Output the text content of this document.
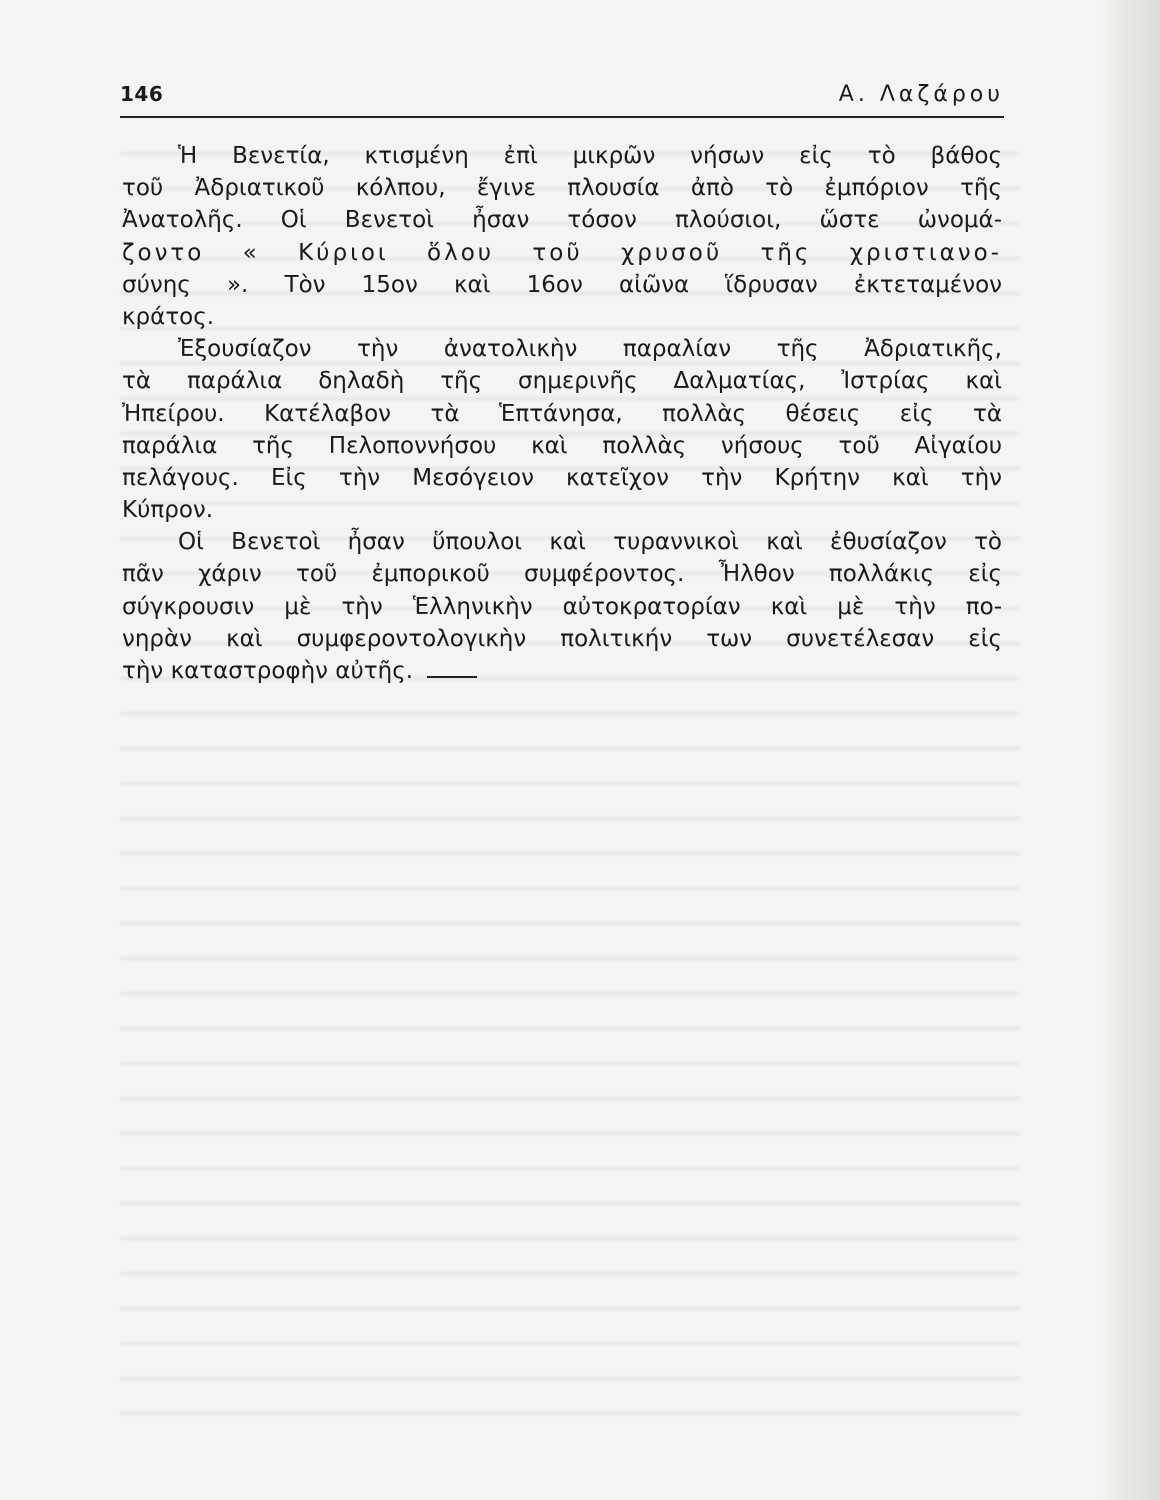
146	Α. Λαζάρου
Ἡ Βενετία, κτισμένη ἐπὶ μικρῶν νήσων εἰς τὸ βάθος
τοῦ Ἀδριατικοῦ κόλπου, ἔγινε πλουσία ἀπὸ τὸ ἐμπόριον τῆς
Ἀνατολῆς. Οἱ Βενετοὶ ἦσαν τόσον πλούσιοι, ὥστε ὠνομά-
ζοντο « Κύριοι ὅλου τοῦ χρυσοῦ τῆς χριστιανο-
σύνης ». Τὸν 15ον καὶ 16ον αἰῶνα ἵδρυσαν ἐκτεταμένον
κράτος.
Ἐξουσίαζον τὴν ἀνατολικὴν παραλίαν τῆς Ἀδριατικῆς,
τὰ παράλια δηλαδὴ τῆς σημερινῆς Δαλματίας, Ἰστρίας καὶ
Ἠπείρου. Κατέλαβον τὰ Ἑπτάνησα, πολλὰς θέσεις εἰς τὰ
παράλια τῆς Πελοποννήσου καὶ πολλὰς νήσους τοῦ Αἰγαίου
πελάγους. Εἰς τὴν Μεσόγειον κατεῖχον τὴν Κρήτην καὶ τὴν
Κύπρον.
Οἱ Βενετοὶ ἦσαν ὕπουλοι καὶ τυραννικοὶ καὶ ἐθυσίαζον τὸ
πᾶν χάριν τοῦ ἐμπορικοῦ συμφέροντος. Ἦλθον πολλάκις εἰς
σύγκρουσιν μὲ τὴν Ἑλληνικὴν αὐτοκρατορίαν καὶ μὲ τὴν πο-
νηρὰν καὶ συμφεροντολογικὴν πολιτικήν των συνετέλεσαν εἰς
τὴν καταστροφὴν αὐτῆς.
